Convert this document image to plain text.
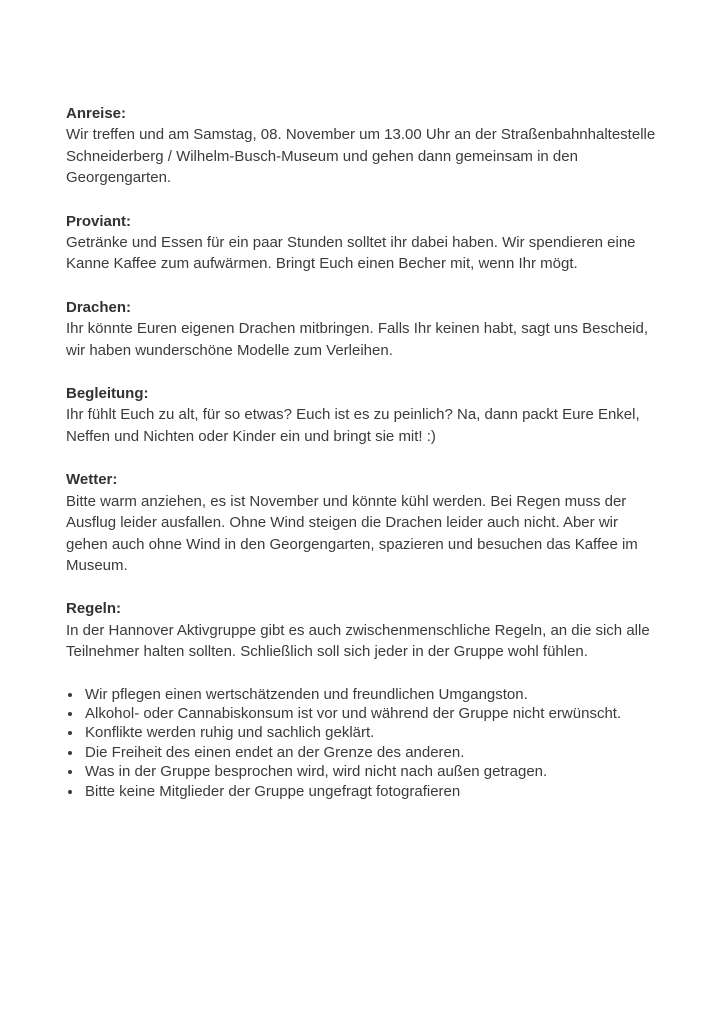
Anreise:

Wir treffen und am Samstag, 08. November um 13.00 Uhr an der Straßenbahnhaltestelle Schneiderberg / Wilhelm-Busch-Museum und gehen dann gemeinsam in den Georgengarten.

Proviant:

Getränke und Essen für ein paar Stunden solltet ihr dabei haben. Wir spendieren eine Kanne Kaffee zum aufwärmen. Bringt Euch einen Becher mit, wenn Ihr mögt.

Drachen:

Ihr könnte Euren eigenen Drachen mitbringen. Falls Ihr keinen habt, sagt uns Bescheid, wir haben wunderschöne Modelle zum Verleihen.

Begleitung:

Ihr fühlt Euch zu alt, für so etwas? Euch ist es zu peinlich? Na, dann packt Eure Enkel, Neffen und Nichten oder Kinder ein und bringt sie mit! :)

Wetter:

Bitte warm anziehen, es ist November und könnte kühl werden. Bei Regen muss der Ausflug leider ausfallen. Ohne Wind steigen die Drachen leider auch nicht. Aber wir gehen auch ohne Wind in den Georgengarten, spazieren und besuchen das Kaffee im Museum.

Regeln:

In der Hannover Aktivgruppe gibt es auch zwischenmenschliche Regeln, an die sich alle Teilnehmer halten sollten. Schließlich soll sich jeder in der Gruppe wohl fühlen.

• Wir pflegen einen wertschätzenden und freundlichen Umgangston.
• Alkohol- oder Cannabiskonsum ist vor und während der Gruppe nicht erwünscht.
• Konflikte werden ruhig und sachlich geklärt.
• Die Freiheit des einen endet an der Grenze des anderen.
• Was in der Gruppe besprochen wird, wird nicht nach außen getragen.
• Bitte keine Mitglieder der Gruppe ungefragt fotografieren
